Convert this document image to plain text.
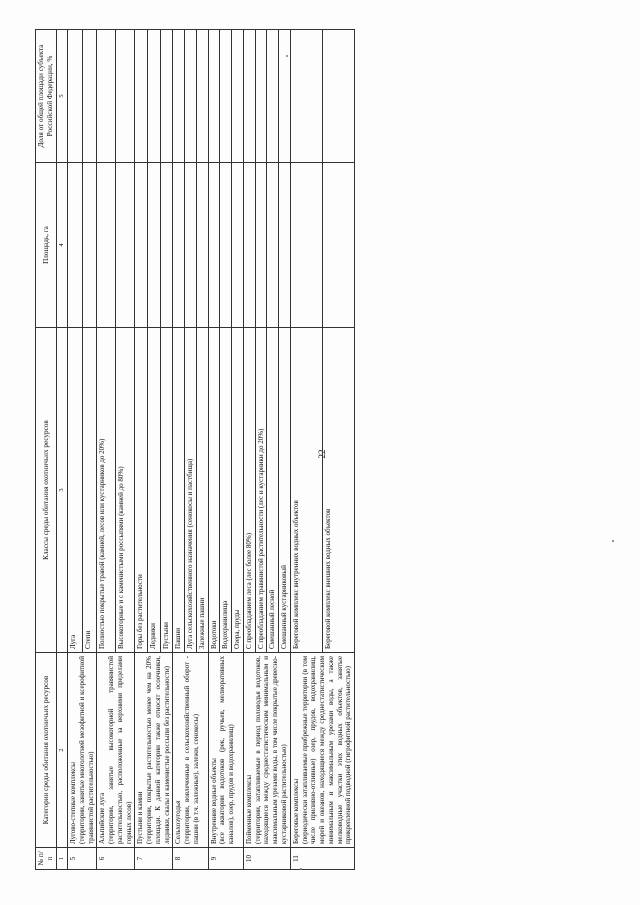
22
№ п/п	Категории среды обитания охотничьих ресурсов	Классы среды обитания охотничьих ресурсов	Площадь, га	Доля от общей площади субъекта Российской Федерации, %
1	2	3	4	5
5	Лугово-степные комплексы (территории, занятые многолетней мезофитной и ксерофитной травянистой растительностью)	Луга		
		Степи		
6	Альпийские луга (территории, занятые высокогорной травянистой растительностью, расположенные за верхними пределами горных лесов)	Полностью покрытые травой (камней, лесов или кустарников до 20%)		
		Высокогорные и с каменистыми россыпями (камней до 80%)		
7	Пустыни и камни (территории, покрытые растительностью менее чем на 20% площади. К данной категории также относят осоочники, ледники, скалы и каменистые россыпи без растительности)	Горы без растительности		
		Ледники		
		Пустыни		
8	Сельхозугодья (территории, вовлеченные в сельскохозяйственный оборот - пашни (в т.ч. залежные), залежи, сенокосы)	Пашни		
		Луга сельскохозяйственного назначения (сенокосы и пастбища)		
		Залежные пашни		
9	Внутренние водные объекты (все акватории водотоков (рек, ручьев, мелиоративных каналов), озер, прудов и водохранилищ)	Водотоки		
		Водохранилища		
		Озера, пруды		
10	Пойменные комплексы (территории, затапливаемые в период половодья водотоков, находящиеся между среднестатистическим минимальным и максимальным урезами воды, в том числе покрытые древесно-кустарниковой растительностью)	С преобладанием леса (лес более 80%)		
		С преобладанием травянистой растительности (лес и кустарники до 20%)		
		Смешанный лесной		
		Смешанный кустарниковый		
11	Береговые комплексы (периодически затапливаемые прибрежные территории (в том числе приливно-отливные) озер, прудов, водохранилищ, морей и океанов, находящиеся между среднестатистическим минимальным и максимальным урезами воды, а также мелководные участки этих водных объектов, занятые прикрепленной подводной (гигрофитной растительностью)	Береговой комплекс внутренних водных объектов		
		Береговой комплекс внешних водных объектов		
